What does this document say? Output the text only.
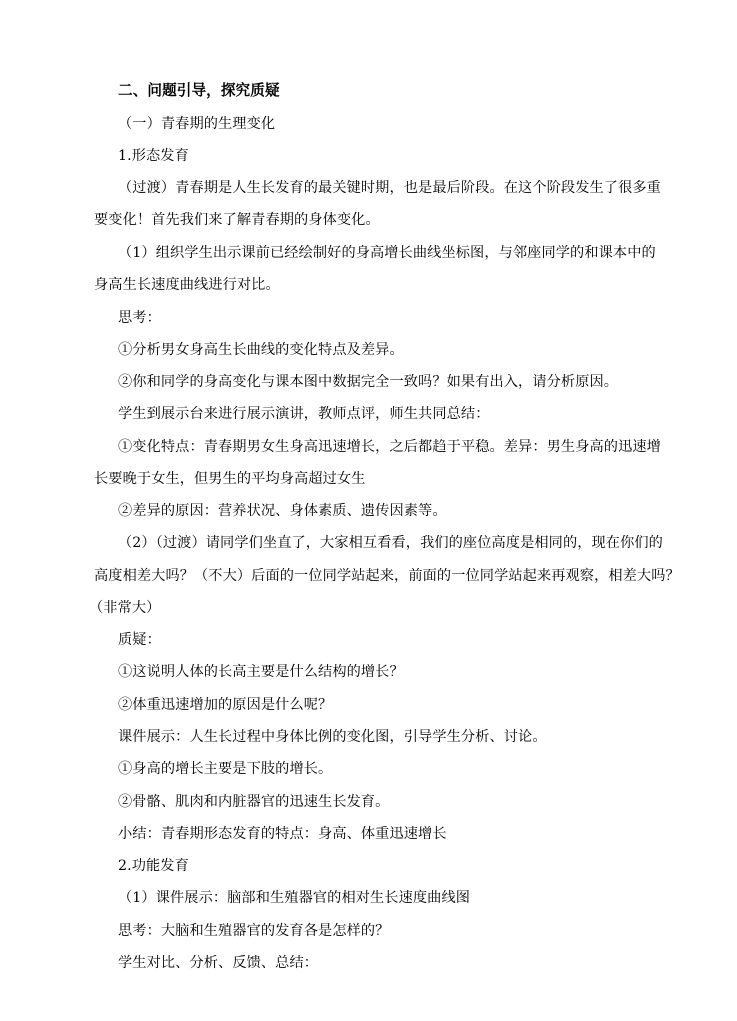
二、问题引导，探究质疑
（一）青春期的生理变化
1.形态发育
（过渡）青春期是人生长发育的最关键时期，也是最后阶段。在这个阶段发生了很多重
要变化！首先我们来了解青春期的身体变化。
（1）组织学生出示课前已经绘制好的身高增长曲线坐标图，与邻座同学的和课本中的
身高生长速度曲线进行对比。
思考：
①分析男女身高生长曲线的变化特点及差异。
②你和同学的身高变化与课本图中数据完全一致吗？如果有出入，请分析原因。
学生到展示台来进行展示演讲，教师点评，师生共同总结：
①变化特点：青春期男女生身高迅速增长，之后都趋于平稳。差异：男生身高的迅速增
长要晚于女生，但男生的平均身高超过女生
②差异的原因：营养状况、身体素质、遗传因素等。
（2）（过渡）请同学们坐直了，大家相互看看，我们的座位高度是相同的，现在你们的
高度相差大吗？（不大）后面的一位同学站起来，前面的一位同学站起来再观察，相差大吗？
（非常大）
质疑：
①这说明人体的长高主要是什么结构的增长？
②体重迅速增加的原因是什么呢？
课件展示：人生长过程中身体比例的变化图，引导学生分析、讨论。
①身高的增长主要是下肢的增长。
②骨骼、肌肉和内脏器官的迅速生长发育。
小结：青春期形态发育的特点：身高、体重迅速增长
2.功能发育
（1）课件展示：脑部和生殖器官的相对生长速度曲线图
思考：大脑和生殖器官的发育各是怎样的？
学生对比、分析、反馈、总结：
